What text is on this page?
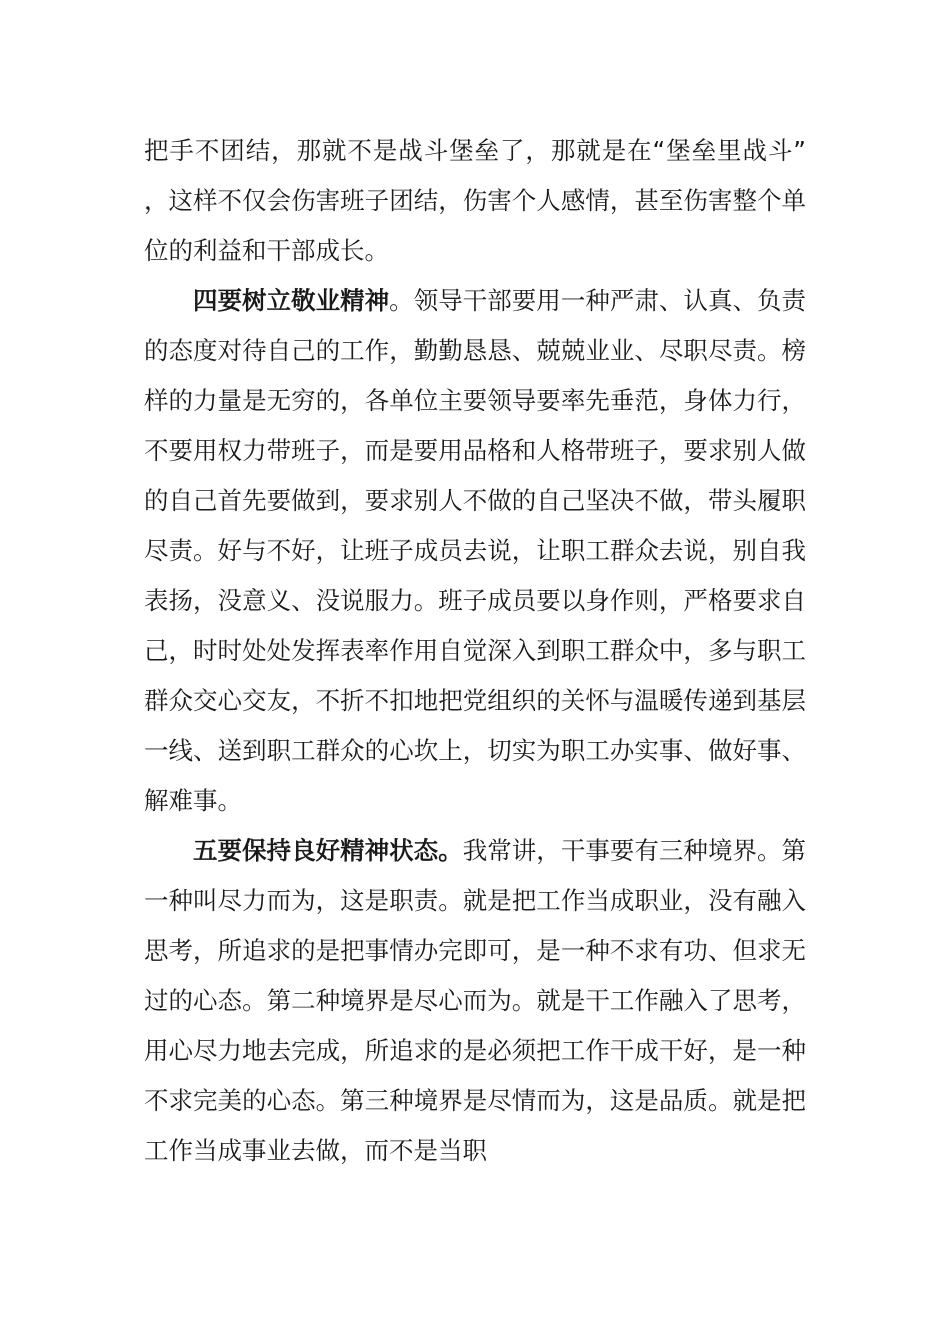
把手不团结，那就不是战斗堡垒了，那就是在“堡垒里战斗”，这样不仅会伤害班子团结，伤害个人感情，甚至伤害整个单位的利益和干部成长。

四要树立敬业精神。领导干部要用一种严肃、认真、负责的态度对待自己的工作，勤勤恳恳、兢兢业业、尽职尽责。榜样的力量是无穷的，各单位主要领导要率先垂范，身体力行，不要用权力带班子，而是要用品格和人格带班子，要求别人做的自己首先要做到，要求别人不做的自己坚决不做，带头履职尽责。好与不好，让班子成员去说，让职工群众去说，别自我表扬，没意义、没说服力。班子成员要以身作则，严格要求自己，时时处处发挥表率作用自觉深入到职工群众中，多与职工群众交心交友，不折不扣地把党组织的关怀与温暖传递到基层一线、送到职工群众的心坎上，切实为职工办实事、做好事、解难事。

五要保持良好精神状态。我常讲，干事要有三种境界。第一种叫尽力而为，这是职责。就是把工作当成职业，没有融入思考，所追求的是把事情办完即可，是一种不求有功、但求无过的心态。第二种境界是尽心而为。就是干工作融入了思考，用心尽力地去完成，所追求的是必须把工作干成干好，是一种不求完美的心态。第三种境界是尽情而为，这是品质。就是把工作当成事业去做，而不是当职
